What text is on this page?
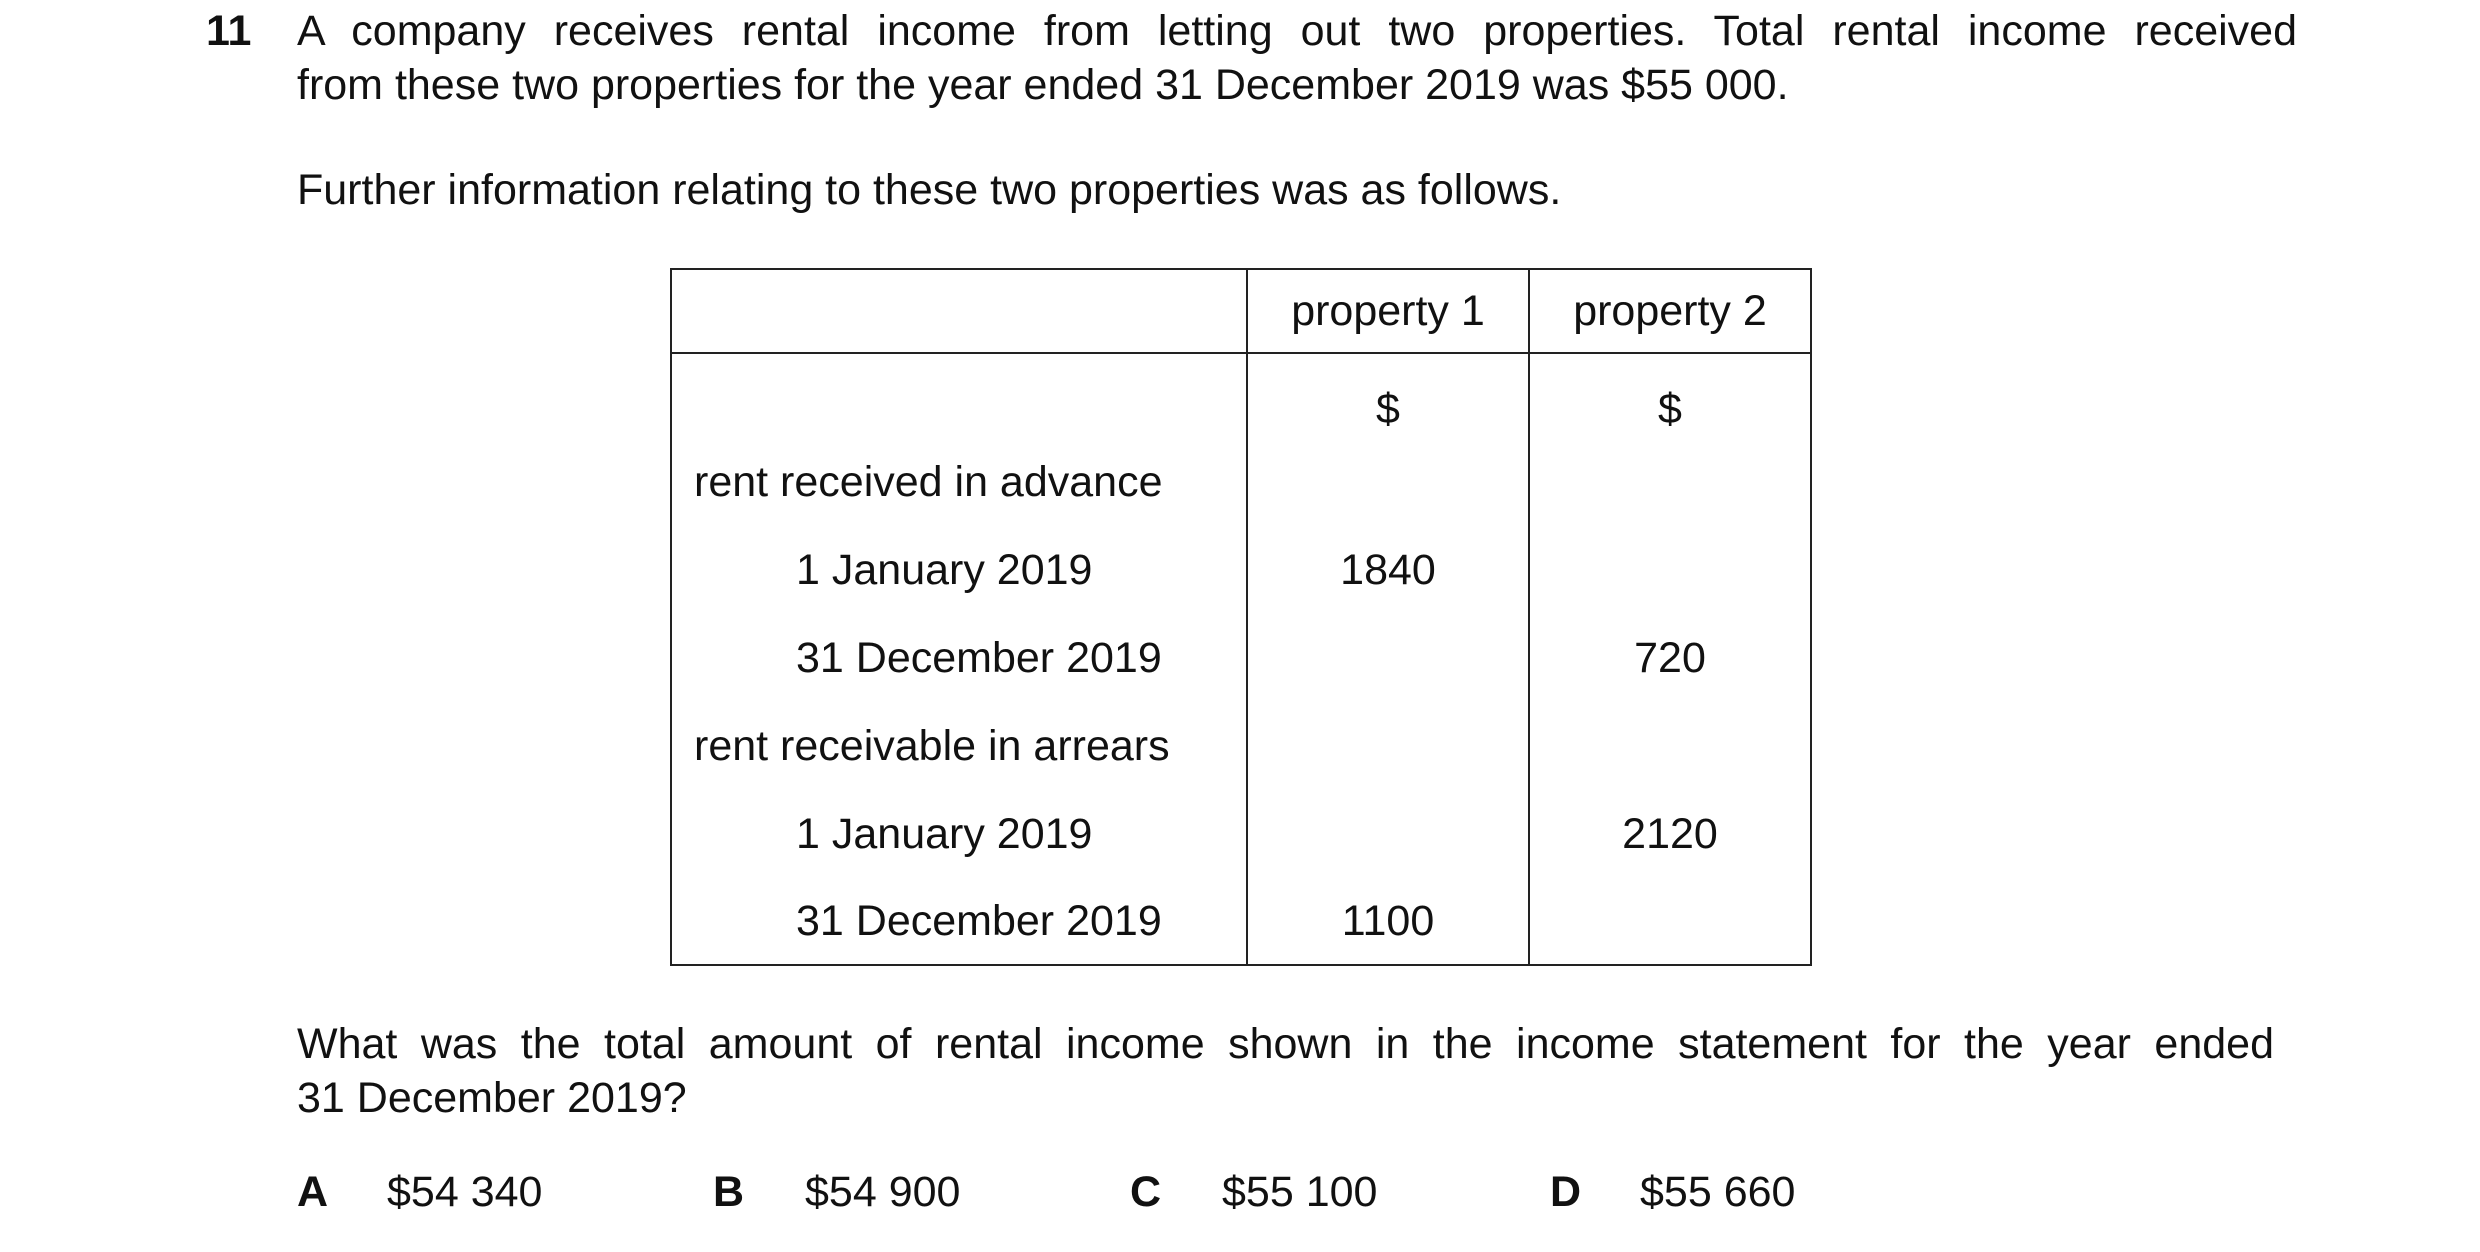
11 A company receives rental income from letting out two properties. Total rental income received
from these two properties for the year ended 31 December 2019 was $55 000.
Further information relating to these two properties was as follows.
	property 1	property 2
	$	$
rent received in advance		
1 January 2019	1840	
31 December 2019		720
rent receivable in arrears		
1 January 2019		2120
31 December 2019	1100	
What was the total amount of rental income shown in the income statement for the year ended
31 December 2019?
A $54 340	B $54 900	C $55 100	D $55 660
